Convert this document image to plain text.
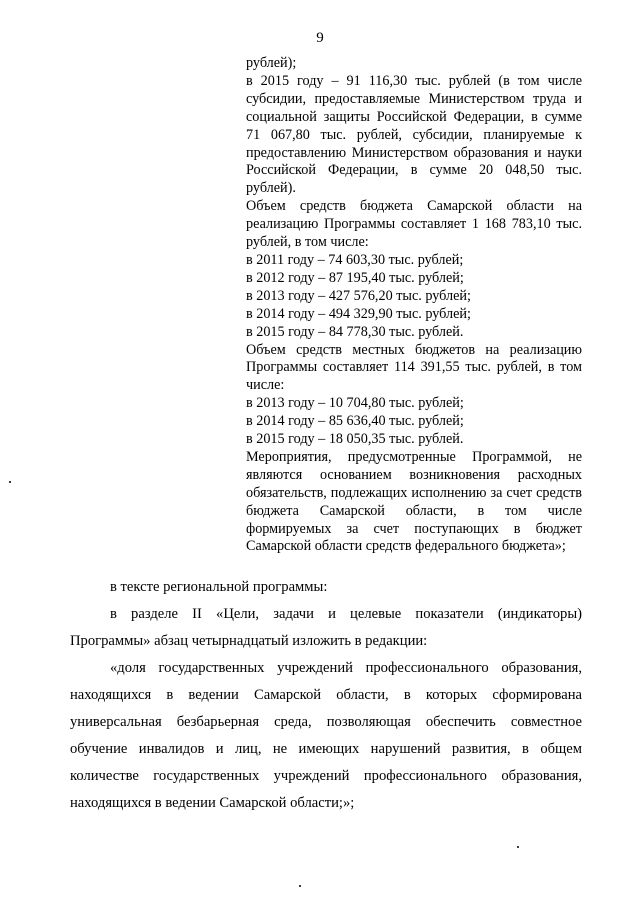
9

рублей);

в 2015 году – 91 116,30 тыс. рублей (в том числе субсидии, предоставляемые Министерством труда и социальной защиты Российской Федерации, в сумме 71 067,80 тыс. рублей, субсидии, планируемые к предоставлению Министерством образования и науки Российской Федерации, в сумме 20 048,50 тыс. рублей).

Объем средств бюджета Самарской области на реализацию Программы составляет 1 168 783,10 тыс. рублей, в том числе:

в 2011 году – 74 603,30 тыс. рублей;

в 2012 году – 87 195,40 тыс. рублей;

в 2013 году – 427 576,20 тыс. рублей;

в 2014 году – 494 329,90 тыс. рублей;

в 2015 году – 84 778,30 тыс. рублей.

Объем средств местных бюджетов на реализацию Программы составляет 114 391,55 тыс. рублей, в том числе:

в 2013 году – 10 704,80 тыс. рублей;

в 2014 году – 85 636,40 тыс. рублей;

в 2015 году – 18 050,35 тыс. рублей.

Мероприятия, предусмотренные Программой, не являются основанием возникновения расходных обязательств, подлежащих исполнению за счет средств бюджета Самарской области, в том числе формируемых за счет поступающих в бюджет Самарской области средств федерального бюджета»;

в тексте региональной программы:

в разделе II «Цели, задачи и целевые показатели (индикаторы) Программы» абзац четырнадцатый изложить в редакции:

«доля государственных учреждений профессионального образования, находящихся в ведении Самарской области, в которых сформирована универсальная безбарьерная среда, позволяющая обеспечить совместное обучение инвалидов и лиц, не имеющих нарушений развития, в общем количестве государственных учреждений профессионального образования, находящихся в ведении Самарской области;»;
